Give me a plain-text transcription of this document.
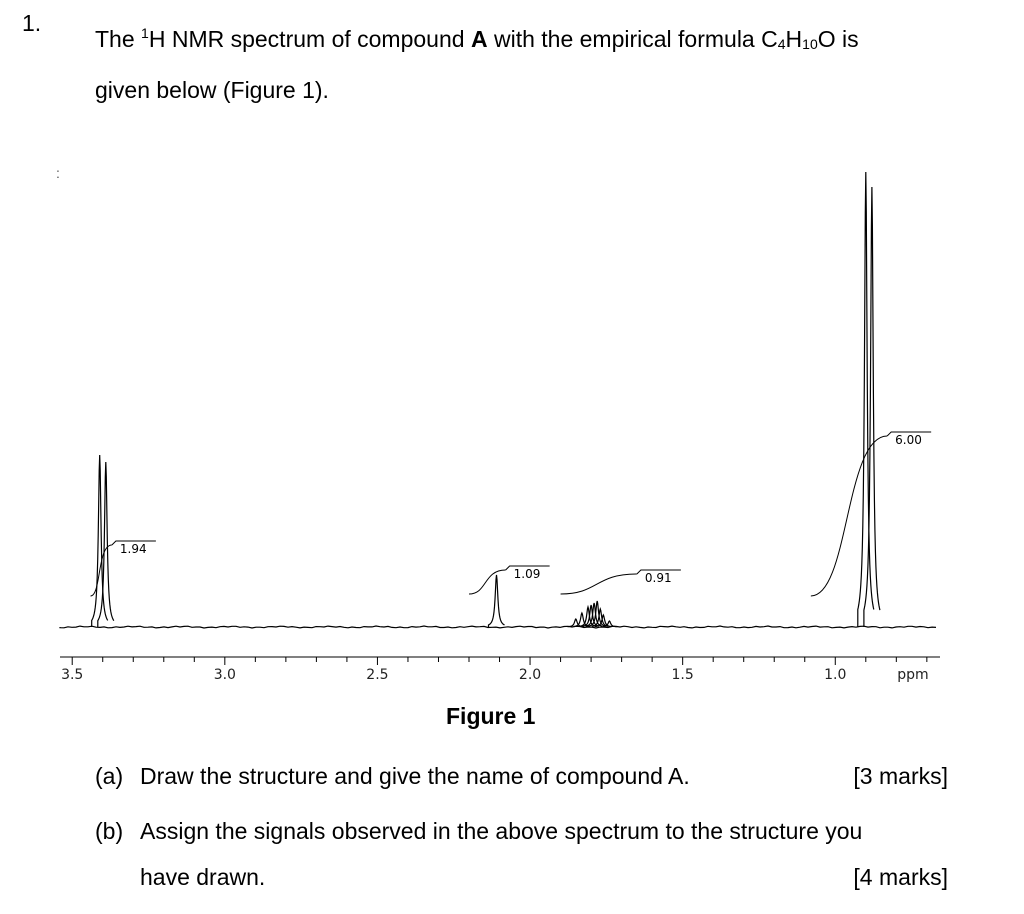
1.
The $^1$H NMR spectrum of compound A with the empirical formula $C_4H_{10}O$ is
given below (Figure 1).
:
1.94
1.09	0.91
6.00
3.5	3.0	2.5	2.0	1.5	1.0	ppm
Figure 1
(a) Draw the structure and give the name of compound A.	[3 marks]
(b) Assign the signals observed in the above spectrum to the structure you
have drawn.	[4 marks]
